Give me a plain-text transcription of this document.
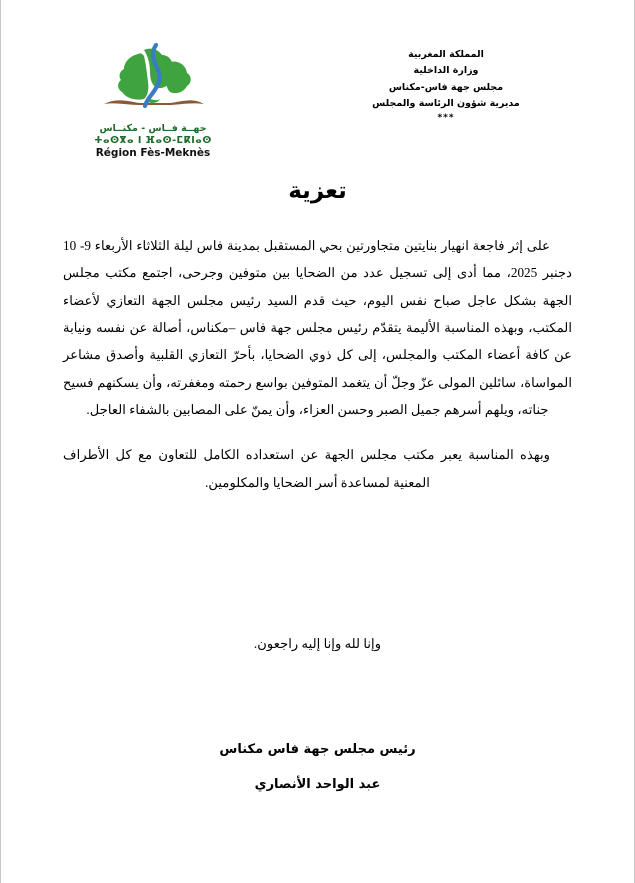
جهــة فــاس - مكنــاس
ⵜⴰⵙⴳⴰ ⵏ ⴼⴰⵙ-ⵎⴽⵏⴰⵙ
Région Fès-Meknès
المملكة المغربية
وزارة الداخلية
مجلس جهة فاس-مكناس
مديرية شؤون الرئاسة والمجلس
***
تعزية

على إثر فاجعة انهيار بنايتين متجاورتين بحي المستقبل بمدينة فاس ليلة الثلاثاء الأربعاء 9- 10 دجنبر 2025، مما أدى إلى تسجيل عدد من الضحايا بين متوفين وجرحى، اجتمع مكتب مجلس الجهة بشكل عاجل صباح نفس اليوم، حيث قدم السيد رئيس مجلس الجهة التعازي لأعضاء المكتب، وبهذه المناسبة الأليمة يتقدّم رئيس مجلس جهة فاس –مكناس، أصالة عن نفسه ونيابة عن كافة أعضاء المكتب والمجلس، إلى كل ذوي الضحايا، بأحرّ التعازي القلبية وأصدق مشاعر المواساة، سائلين المولى عزّ وجلّ أن يتغمد المتوفين بواسع رحمته ومغفرته، وأن يسكنهم فسيح جناته، ويلهم أسرهم جميل الصبر وحسن العزاء، وأن يمنّ على المصابين بالشفاء العاجل.

وبهذه المناسبة يعبر مكتب مجلس الجهة عن استعداده الكامل للتعاون مع كل الأطراف المعنية لمساعدة أسر الضحايا والمكلومين.

وإنا لله وإنا إليه راجعون.
رئيس مجلس جهة فاس مكناس
عبد الواحد الأنصاري
